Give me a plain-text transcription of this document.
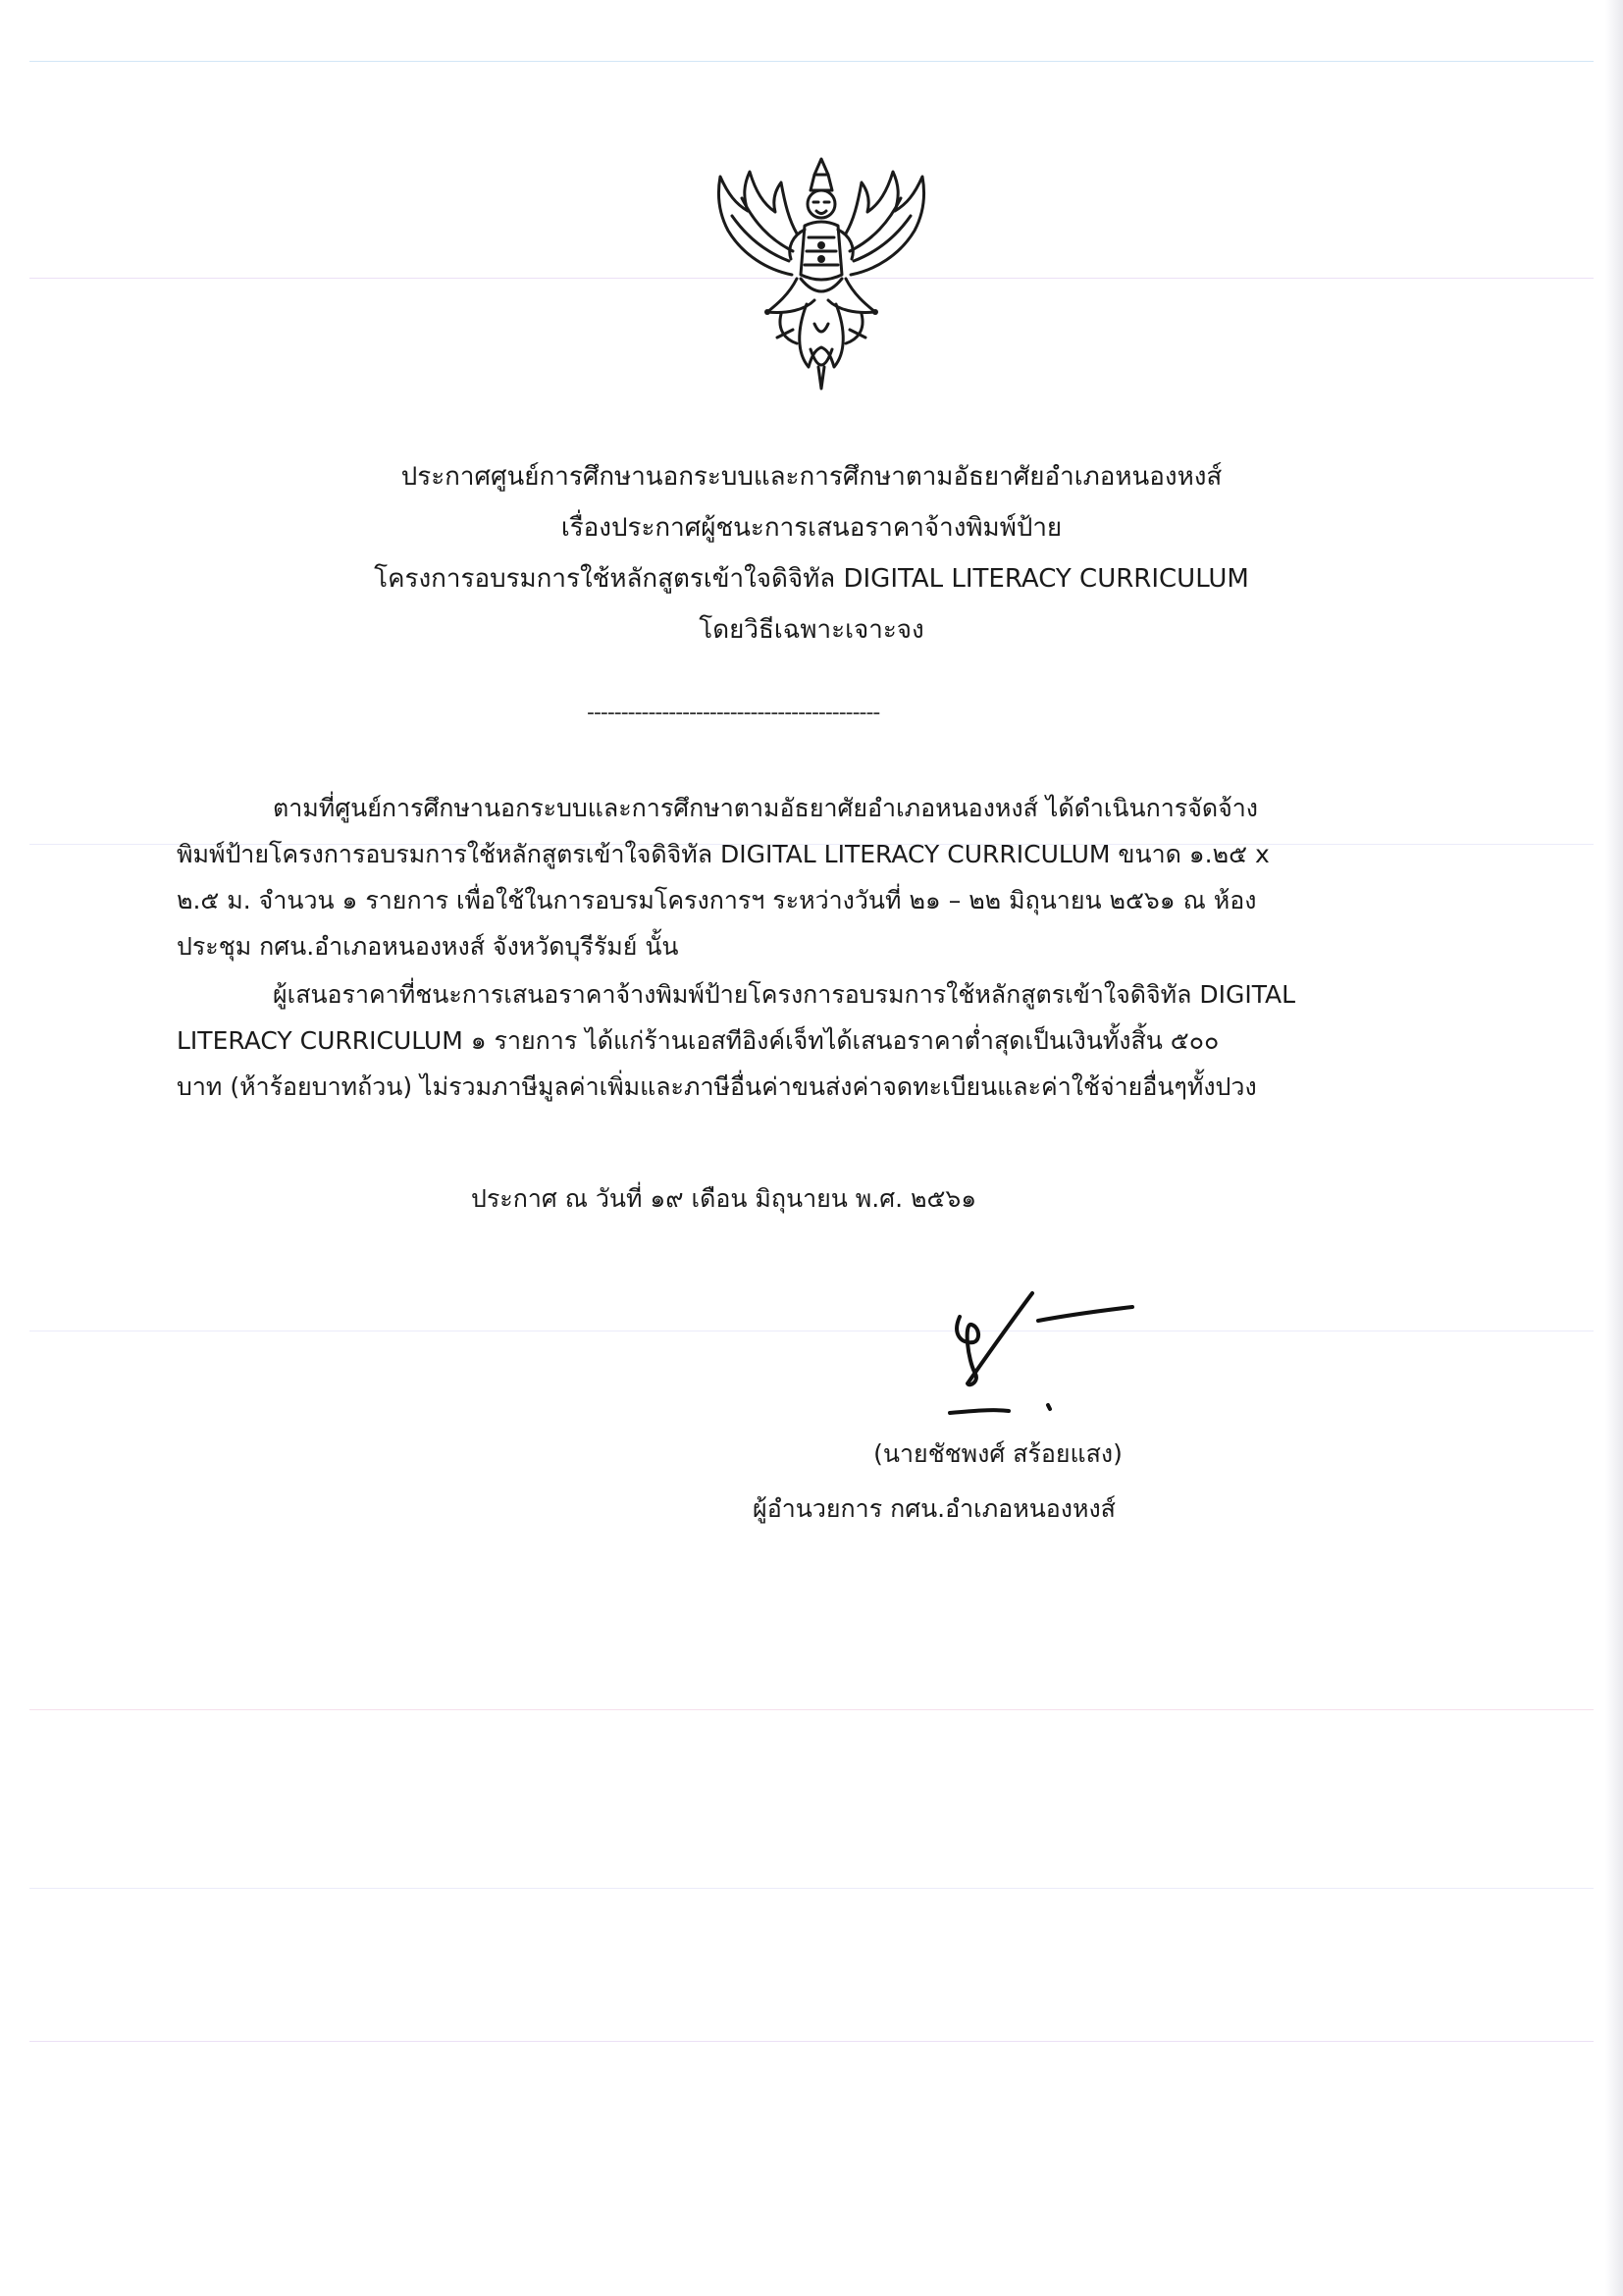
ประกาศศูนย์การศึกษานอกระบบและการศึกษาตามอัธยาศัยอำเภอหนองหงส์
เรื่องประกาศผู้ชนะการเสนอราคาจ้างพิมพ์ป้าย
โครงการอบรมการใช้หลักสูตรเข้าใจดิจิทัล DIGITAL LITERACY CURRICULUM
โดยวิธีเฉพาะเจาะจง
-------------------------------------------
ตามที่ศูนย์การศึกษานอกระบบและการศึกษาตามอัธยาศัยอำเภอหนองหงส์ ได้ดำเนินการจัดจ้าง
พิมพ์ป้ายโครงการอบรมการใช้หลักสูตรเข้าใจดิจิทัล DIGITAL LITERACY CURRICULUM ขนาด ๑.๒๕ x
๒.๕ ม. จำนวน ๑ รายการ เพื่อใช้ในการอบรมโครงการฯ ระหว่างวันที่ ๒๑ – ๒๒ มิถุนายน ๒๕๖๑ ณ ห้อง
ประชุม กศน.อำเภอหนองหงส์ จังหวัดบุรีรัมย์ นั้น
ผู้เสนอราคาที่ชนะการเสนอราคาจ้างพิมพ์ป้ายโครงการอบรมการใช้หลักสูตรเข้าใจดิจิทัล DIGITAL
LITERACY CURRICULUM ๑ รายการ ได้แก่ร้านเอสทีอิงค์เจ็ทได้เสนอราคาต่ำสุดเป็นเงินทั้งสิ้น ๕๐๐
บาท (ห้าร้อยบาทถ้วน) ไม่รวมภาษีมูลค่าเพิ่มและภาษีอื่นค่าขนส่งค่าจดทะเบียนและค่าใช้จ่ายอื่นๆทั้งปวง
ประกาศ ณ วันที่ ๑๙ เดือน มิถุนายน พ.ศ. ๒๕๖๑
(นายชัชพงศ์ สร้อยแสง)
ผู้อำนวยการ กศน.อำเภอหนองหงส์
